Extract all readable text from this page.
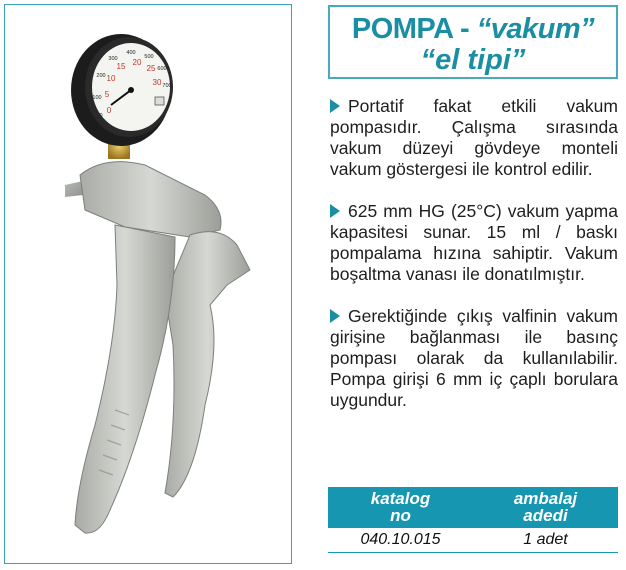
0
5
10
15 20
25
30
0
100
200
300
400
500
600
700
POMPA - “vakum”
“el tipi”

Portatif fakat etkili vakum pompasıdır. Çalışma sırasında vakum düzeyi gövdeye monteli vakum göstergesi ile kontrol edilir.

625 mm HG (25°C) vakum yapma kapasitesi sunar. 15 ml / baskı pompalama hızına sahiptir. Vakum boşaltma vanası ile donatılmıştır.

Gerektiğinde çıkış valfinin vakum girişine bağlanması ile basınç pompası olarak da kullanılabilir. Pompa girişi 6 mm iç çaplı borulara uygundur.

katalog no	ambalaj adedi
040.10.015	1 adet
